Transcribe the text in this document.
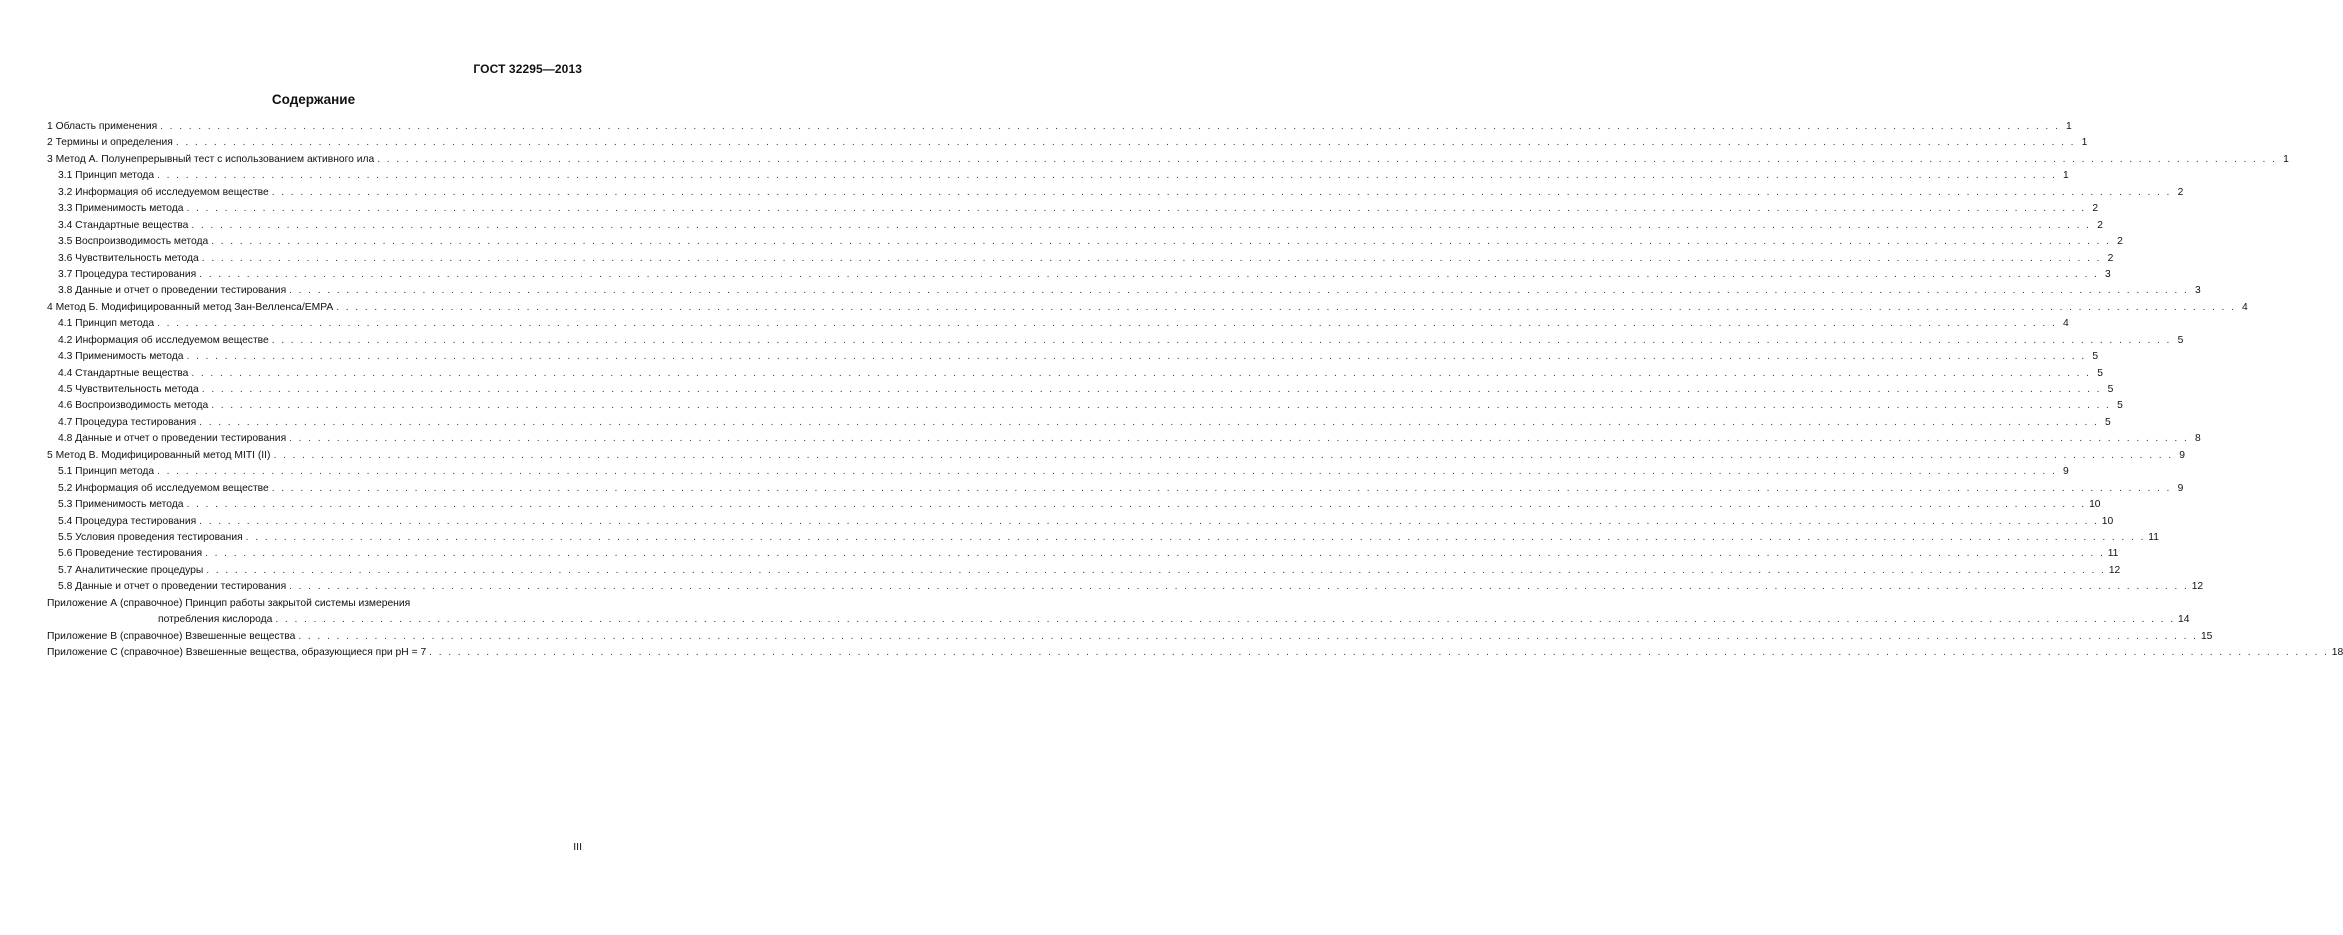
ГОСТ 32295—2013
Содержание
1 Область применения . . . . . . . . . . . . . . . . . . . . . . . . . . . . . . . . . . . . . . . . . . . . . . . . . . . . . . . . . . . . . . . . . . . . . . . . . . . . . . . . . . . . . . . . . . . . . . . . . . . . . . . . . . . . . . . . . . . . . . . . . . . . . . . . . . . . . . . . . . . . . . . . . . . . . . . . . . . . . . . . . . . . . . . . . . . . . . . . . . . . . . . . . . . . . . . . . . . . . . . . 1
2 Термины и определения . . . . . . . . . . . . . . . . . . . . . . . . . . . . . . . . . . . . . . . . . . . . . . . . . . . . . . . . . . . . . . . . . . . . . . . . . . . . . . . . . . . . . . . . . . . . . . . . . . . . . . . . . . . . . . . . . . . . . . . . . . . . . . . . . . . . . . . . . . . . . . . . . . . . . . . . . . . . . . . . . . . . . . . . . . . . . . . . . . . . . . . . . . . . . . . . . . . . . . . . 1
3 Метод А. Полунепрерывный тест с использованием активного ила . . . . . . . . . . . . . . . . . . . . . . . . . . . . . . . . . . . . . . . . . . . . . . . . . . . . . . . . . . . . . . . . . . . . . . . . . . . . . . . . . . . . . . . . . . . . . . . . . . . . . . . . . . . . . . . . . . . . . . . . . . . . . . . . . . . . . . . . . . . . . . . . . . . . . . . . . . . . . . . . . . . . . . . . . . . . . . . . . . . . . . . . . . . . . . . . . . . . . . . . 1
3.1 Принцип метода . . . . . . . . . . . . . . . . . . . . . . . . . . . . . . . . . . . . . . . . . . . . . . . . . . . . . . . . . . . . . . . . . . . . . . . . . . . . . . . . . . . . . . . . . . . . . . . . . . . . . . . . . . . . . . . . . . . . . . . . . . . . . . . . . . . . . . . . . . . . . . . . . . . . . . . . . . . . . . . . . . . . . . . . . . . . . . . . . . . . . . . . . . . . . . . . . . . . . . . . 1
3.2 Информация об исследуемом веществе . . . . . . . . . . . . . . . . . . . . . . . . . . . . . . . . . . . . . . . . . . . . . . . . . . . . . . . . . . . . . . . . . . . . . . . . . . . . . . . . . . . . . . . . . . . . . . . . . . . . . . . . . . . . . . . . . . . . . . . . . . . . . . . . . . . . . . . . . . . . . . . . . . . . . . . . . . . . . . . . . . . . . . . . . . . . . . . . . . . . . . . . . . . . . . . . . . . . . . . . 2
3.3 Применимость метода . . . . . . . . . . . . . . . . . . . . . . . . . . . . . . . . . . . . . . . . . . . . . . . . . . . . . . . . . . . . . . . . . . . . . . . . . . . . . . . . . . . . . . . . . . . . . . . . . . . . . . . . . . . . . . . . . . . . . . . . . . . . . . . . . . . . . . . . . . . . . . . . . . . . . . . . . . . . . . . . . . . . . . . . . . . . . . . . . . . . . . . . . . . . . . . . . . . . . . . . 2
3.4 Стандартные вещества . . . . . . . . . . . . . . . . . . . . . . . . . . . . . . . . . . . . . . . . . . . . . . . . . . . . . . . . . . . . . . . . . . . . . . . . . . . . . . . . . . . . . . . . . . . . . . . . . . . . . . . . . . . . . . . . . . . . . . . . . . . . . . . . . . . . . . . . . . . . . . . . . . . . . . . . . . . . . . . . . . . . . . . . . . . . . . . . . . . . . . . . . . . . . . . . . . . . . . . . 2
3.5 Воспроизводимость метода . . . . . . . . . . . . . . . . . . . . . . . . . . . . . . . . . . . . . . . . . . . . . . . . . . . . . . . . . . . . . . . . . . . . . . . . . . . . . . . . . . . . . . . . . . . . . . . . . . . . . . . . . . . . . . . . . . . . . . . . . . . . . . . . . . . . . . . . . . . . . . . . . . . . . . . . . . . . . . . . . . . . . . . . . . . . . . . . . . . . . . . . . . . . . . . . . . . . . . . . 2
3.6 Чувствительность метода . . . . . . . . . . . . . . . . . . . . . . . . . . . . . . . . . . . . . . . . . . . . . . . . . . . . . . . . . . . . . . . . . . . . . . . . . . . . . . . . . . . . . . . . . . . . . . . . . . . . . . . . . . . . . . . . . . . . . . . . . . . . . . . . . . . . . . . . . . . . . . . . . . . . . . . . . . . . . . . . . . . . . . . . . . . . . . . . . . . . . . . . . . . . . . . . . . . . . . . . 2
3.7 Процедура тестирования . . . . . . . . . . . . . . . . . . . . . . . . . . . . . . . . . . . . . . . . . . . . . . . . . . . . . . . . . . . . . . . . . . . . . . . . . . . . . . . . . . . . . . . . . . . . . . . . . . . . . . . . . . . . . . . . . . . . . . . . . . . . . . . . . . . . . . . . . . . . . . . . . . . . . . . . . . . . . . . . . . . . . . . . . . . . . . . . . . . . . . . . . . . . . . . . . . . . . . . . 3
3.8 Данные и отчет о проведении тестирования . . . . . . . . . . . . . . . . . . . . . . . . . . . . . . . . . . . . . . . . . . . . . . . . . . . . . . . . . . . . . . . . . . . . . . . . . . . . . . . . . . . . . . . . . . . . . . . . . . . . . . . . . . . . . . . . . . . . . . . . . . . . . . . . . . . . . . . . . . . . . . . . . . . . . . . . . . . . . . . . . . . . . . . . . . . . . . . . . . . . . . . . . . . . . . . . . . . . . . . . 3
4 Метод Б. Модифицированный метод Зан-Велленса/EMPA . . . . . . . . . . . . . . . . . . . . . . . . . . . . . . . . . . . . . . . . . . . . . . . . . . . . . . . . . . . . . . . . . . . . . . . . . . . . . . . . . . . . . . . . . . . . . . . . . . . . . . . . . . . . . . . . . . . . . . . . . . . . . . . . . . . . . . . . . . . . . . . . . . . . . . . . . . . . . . . . . . . . . . . . . . . . . . . . . . . . . . . . . . . . . . . . . . . . . . . . 4
4.1 Принцип метода . . . . . . . . . . . . . . . . . . . . . . . . . . . . . . . . . . . . . . . . . . . . . . . . . . . . . . . . . . . . . . . . . . . . . . . . . . . . . . . . . . . . . . . . . . . . . . . . . . . . . . . . . . . . . . . . . . . . . . . . . . . . . . . . . . . . . . . . . . . . . . . . . . . . . . . . . . . . . . . . . . . . . . . . . . . . . . . . . . . . . . . . . . . . . . . . . . . . . . . . 4
4.2 Информация об исследуемом веществе . . . . . . . . . . . . . . . . . . . . . . . . . . . . . . . . . . . . . . . . . . . . . . . . . . . . . . . . . . . . . . . . . . . . . . . . . . . . . . . . . . . . . . . . . . . . . . . . . . . . . . . . . . . . . . . . . . . . . . . . . . . . . . . . . . . . . . . . . . . . . . . . . . . . . . . . . . . . . . . . . . . . . . . . . . . . . . . . . . . . . . . . . . . . . . . . . . . . . . . . 5
4.3 Применимость метода . . . . . . . . . . . . . . . . . . . . . . . . . . . . . . . . . . . . . . . . . . . . . . . . . . . . . . . . . . . . . . . . . . . . . . . . . . . . . . . . . . . . . . . . . . . . . . . . . . . . . . . . . . . . . . . . . . . . . . . . . . . . . . . . . . . . . . . . . . . . . . . . . . . . . . . . . . . . . . . . . . . . . . . . . . . . . . . . . . . . . . . . . . . . . . . . . . . . . . . . 5
4.4 Стандартные вещества . . . . . . . . . . . . . . . . . . . . . . . . . . . . . . . . . . . . . . . . . . . . . . . . . . . . . . . . . . . . . . . . . . . . . . . . . . . . . . . . . . . . . . . . . . . . . . . . . . . . . . . . . . . . . . . . . . . . . . . . . . . . . . . . . . . . . . . . . . . . . . . . . . . . . . . . . . . . . . . . . . . . . . . . . . . . . . . . . . . . . . . . . . . . . . . . . . . . . . . . 5
4.5 Чувствительность метода . . . . . . . . . . . . . . . . . . . . . . . . . . . . . . . . . . . . . . . . . . . . . . . . . . . . . . . . . . . . . . . . . . . . . . . . . . . . . . . . . . . . . . . . . . . . . . . . . . . . . . . . . . . . . . . . . . . . . . . . . . . . . . . . . . . . . . . . . . . . . . . . . . . . . . . . . . . . . . . . . . . . . . . . . . . . . . . . . . . . . . . . . . . . . . . . . . . . . . . . 5
4.6 Воспроизводимость метода . . . . . . . . . . . . . . . . . . . . . . . . . . . . . . . . . . . . . . . . . . . . . . . . . . . . . . . . . . . . . . . . . . . . . . . . . . . . . . . . . . . . . . . . . . . . . . . . . . . . . . . . . . . . . . . . . . . . . . . . . . . . . . . . . . . . . . . . . . . . . . . . . . . . . . . . . . . . . . . . . . . . . . . . . . . . . . . . . . . . . . . . . . . . . . . . . . . . . . . . 5
4.7 Процедура тестирования . . . . . . . . . . . . . . . . . . . . . . . . . . . . . . . . . . . . . . . . . . . . . . . . . . . . . . . . . . . . . . . . . . . . . . . . . . . . . . . . . . . . . . . . . . . . . . . . . . . . . . . . . . . . . . . . . . . . . . . . . . . . . . . . . . . . . . . . . . . . . . . . . . . . . . . . . . . . . . . . . . . . . . . . . . . . . . . . . . . . . . . . . . . . . . . . . . . . . . . . 5
4.8 Данные и отчет о проведении тестирования . . . . . . . . . . . . . . . . . . . . . . . . . . . . . . . . . . . . . . . . . . . . . . . . . . . . . . . . . . . . . . . . . . . . . . . . . . . . . . . . . . . . . . . . . . . . . . . . . . . . . . . . . . . . . . . . . . . . . . . . . . . . . . . . . . . . . . . . . . . . . . . . . . . . . . . . . . . . . . . . . . . . . . . . . . . . . . . . . . . . . . . . . . . . . . . . . . . . . . . . 8
5 Метод В. Модифицированный метод MITI (II) . . . . . . . . . . . . . . . . . . . . . . . . . . . . . . . . . . . . . . . . . . . . . . . . . . . . . . . . . . . . . . . . . . . . . . . . . . . . . . . . . . . . . . . . . . . . . . . . . . . . . . . . . . . . . . . . . . . . . . . . . . . . . . . . . . . . . . . . . . . . . . . . . . . . . . . . . . . . . . . . . . . . . . . . . . . . . . . . . . . . . . . . . . . . . . . . . . . . . . . . 9
5.1 Принцип метода . . . . . . . . . . . . . . . . . . . . . . . . . . . . . . . . . . . . . . . . . . . . . . . . . . . . . . . . . . . . . . . . . . . . . . . . . . . . . . . . . . . . . . . . . . . . . . . . . . . . . . . . . . . . . . . . . . . . . . . . . . . . . . . . . . . . . . . . . . . . . . . . . . . . . . . . . . . . . . . . . . . . . . . . . . . . . . . . . . . . . . . . . . . . . . . . . . . . . . . . 9
5.2 Информация об исследуемом веществе . . . . . . . . . . . . . . . . . . . . . . . . . . . . . . . . . . . . . . . . . . . . . . . . . . . . . . . . . . . . . . . . . . . . . . . . . . . . . . . . . . . . . . . . . . . . . . . . . . . . . . . . . . . . . . . . . . . . . . . . . . . . . . . . . . . . . . . . . . . . . . . . . . . . . . . . . . . . . . . . . . . . . . . . . . . . . . . . . . . . . . . . . . . . . . . . . . . . . . . . 9
5.3 Применимость метода . . . . . . . . . . . . . . . . . . . . . . . . . . . . . . . . . . . . . . . . . . . . . . . . . . . . . . . . . . . . . . . . . . . . . . . . . . . . . . . . . . . . . . . . . . . . . . . . . . . . . . . . . . . . . . . . . . . . . . . . . . . . . . . . . . . . . . . . . . . . . . . . . . . . . . . . . . . . . . . . . . . . . . . . . . . . . . . . . . . . . . . . . . . . . . . . . . . . . . . . 10
5.4 Процедура тестирования . . . . . . . . . . . . . . . . . . . . . . . . . . . . . . . . . . . . . . . . . . . . . . . . . . . . . . . . . . . . . . . . . . . . . . . . . . . . . . . . . . . . . . . . . . . . . . . . . . . . . . . . . . . . . . . . . . . . . . . . . . . . . . . . . . . . . . . . . . . . . . . . . . . . . . . . . . . . . . . . . . . . . . . . . . . . . . . . . . . . . . . . . . . . . . . . . . . . . . . . 10
5.5 Условия проведения тестирования . . . . . . . . . . . . . . . . . . . . . . . . . . . . . . . . . . . . . . . . . . . . . . . . . . . . . . . . . . . . . . . . . . . . . . . . . . . . . . . . . . . . . . . . . . . . . . . . . . . . . . . . . . . . . . . . . . . . . . . . . . . . . . . . . . . . . . . . . . . . . . . . . . . . . . . . . . . . . . . . . . . . . . . . . . . . . . . . . . . . . . . . . . . . . . . . . . . . . . . . 11
5.6 Проведение тестирования . . . . . . . . . . . . . . . . . . . . . . . . . . . . . . . . . . . . . . . . . . . . . . . . . . . . . . . . . . . . . . . . . . . . . . . . . . . . . . . . . . . . . . . . . . . . . . . . . . . . . . . . . . . . . . . . . . . . . . . . . . . . . . . . . . . . . . . . . . . . . . . . . . . . . . . . . . . . . . . . . . . . . . . . . . . . . . . . . . . . . . . . . . . . . . . . . . . . . . . . 11
5.7 Аналитические процедуры . . . . . . . . . . . . . . . . . . . . . . . . . . . . . . . . . . . . . . . . . . . . . . . . . . . . . . . . . . . . . . . . . . . . . . . . . . . . . . . . . . . . . . . . . . . . . . . . . . . . . . . . . . . . . . . . . . . . . . . . . . . . . . . . . . . . . . . . . . . . . . . . . . . . . . . . . . . . . . . . . . . . . . . . . . . . . . . . . . . . . . . . . . . . . . . . . . . . . . . . 12
5.8 Данные и отчет о проведении тестирования . . . . . . . . . . . . . . . . . . . . . . . . . . . . . . . . . . . . . . . . . . . . . . . . . . . . . . . . . . . . . . . . . . . . . . . . . . . . . . . . . . . . . . . . . . . . . . . . . . . . . . . . . . . . . . . . . . . . . . . . . . . . . . . . . . . . . . . . . . . . . . . . . . . . . . . . . . . . . . . . . . . . . . . . . . . . . . . . . . . . . . . . . . . . . . . . . . . . . . . . 12
Приложение А (справочное) Принцип работы закрытой системы измерения
потребления кислорода . . . . . . . . . . . . . . . . . . . . . . . . . . . . . . . . . . . . . . . . . . . . . . . . . . . . . . . . . . . . . . . . . . . . . . . . . . . . . . . . . . . . . . . . . . . . . . . . . . . . . . . . . . . . . . . . . . . . . . . . . . . . . . . . . . . . . . . . . . . . . . . . . . . . . . . . . . . . . . . . . . . . . . . . . . . . . . . . . . . . . . . . . . . . . . . . . . . . . . . . 14
Приложение В (справочное) Взвешенные вещества . . . . . . . . . . . . . . . . . . . . . . . . . . . . . . . . . . . . . . . . . . . . . . . . . . . . . . . . . . . . . . . . . . . . . . . . . . . . . . . . . . . . . . . . . . . . . . . . . . . . . . . . . . . . . . . . . . . . . . . . . . . . . . . . . . . . . . . . . . . . . . . . . . . . . . . . . . . . . . . . . . . . . . . . . . . . . . . . . . . . . . . . . . . . . . . . . . . . . . . . 15
Приложение С (справочное) Взвешенные вещества, образующиеся при pH = 7 . . . . . . . . . . . . . . . . . . . . . . . . . . . . . . . . . . . . . . . . . . . . . . . . . . . . . . . . . . . . . . . . . . . . . . . . . . . . . . . . . . . . . . . . . . . . . . . . . . . . . . . . . . . . . . . . . . . . . . . . . . . . . . . . . . . . . . . . . . . . . . . . . . . . . . . . . . . . . . . . . . . . . . . . . . . . . . . . . . . . . . . . . . . . . . . . . . . . . . . . 18
III
